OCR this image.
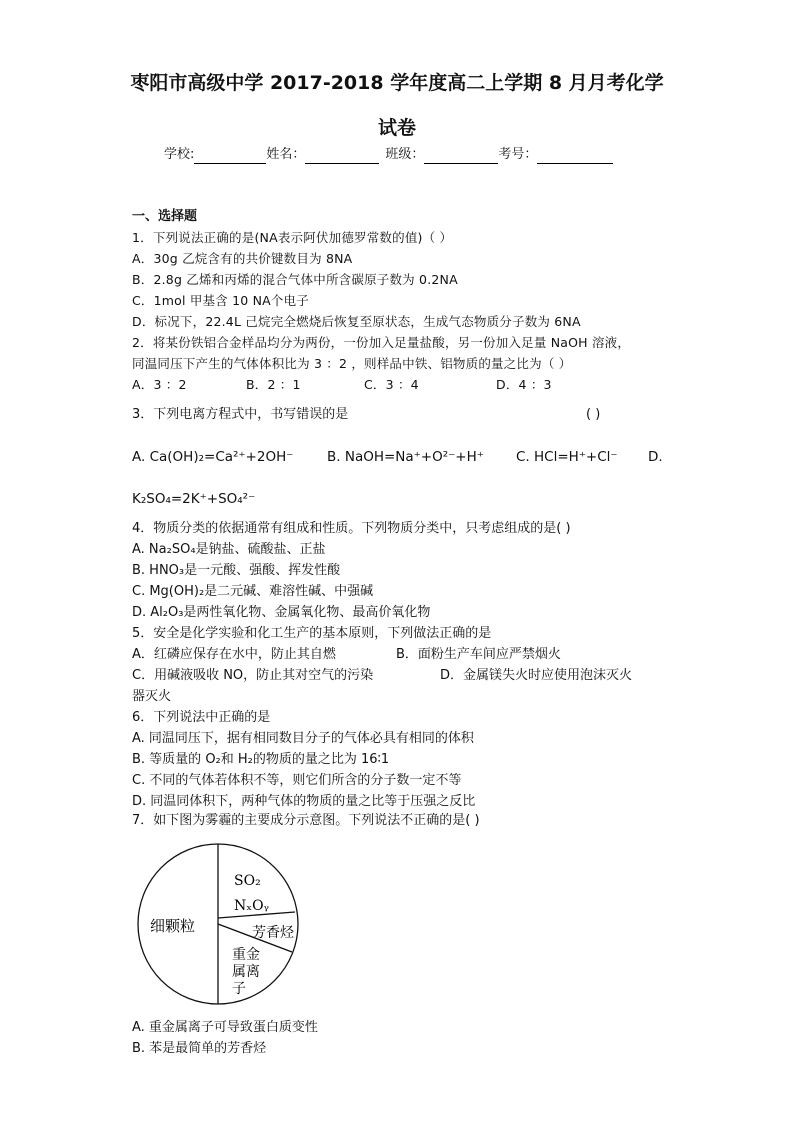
枣阳市高级中学 2017-2018 学年度高二上学期 8 月月考化学
试卷
学校:	姓名：	班级：	考号：
一、选择题
1．下列说法正确的是(NA表示阿伏加德罗常数的值)（ ）
A．30g 乙烷含有的共价键数目为 8NA
B．2.8g 乙烯和丙烯的混合气体中所含碳原子数为 0.2NA
C．1mol 甲基含 10 NA个电子
D．标况下，22.4L 己烷完全燃烧后恢复至原状态，生成气态物质分子数为 6NA
2．将某份铁铝合金样品均分为两份，一份加入足量盐酸，另一份加入足量 NaOH 溶液，
同温同压下产生的气体体积比为 3 ：2 ，则样品中铁、铝物质的量之比为（ ）
A．3 ：2	B．2 ：1	C．3 ：4	D．4 ：3
3．下列电离方程式中，书写错误的是	( )
A. Ca(OH)₂=Ca²⁺+2OH⁻ B. NaOH=Na⁺+O²⁻+H⁺ C. HCl=H⁺+Cl⁻ D.
K₂SO₄=2K⁺+SO₄²⁻
4．物质分类的依据通常有组成和性质。下列物质分类中，只考虑组成的是( )
A. Na₂SO₄是钠盐、硫酸盐、正盐
B. HNO₃是一元酸、强酸、挥发性酸
C. Mg(OH)₂是二元碱、难溶性碱、中强碱
D. Al₂O₃是两性氧化物、金属氧化物、最高价氧化物
5．安全是化学实验和化工生产的基本原则，下列做法正确的是
A．红磷应保存在水中，防止其自燃	B．面粉生产车间应严禁烟火
C．用碱液吸收 NO，防止其对空气的污染	D．金属镁失火时应使用泡沫灭火
器灭火
6．下列说法中正确的是
A. 同温同压下，据有相同数目分子的气体必具有相同的体积
B. 等质量的 O₂和 H₂的物质的量之比为 16∶1
C. 不同的气体若体积不等，则它们所含的分子数一定不等
D. 同温同体积下，两种气体的物质的量之比等于压强之反比
7．如下图为雾霾的主要成分示意图。下列说法不正确的是( )
SO₂
NₓOᵧ
细颗粒	芳香烃
重金
属离
子
A. 重金属离子可导致蛋白质变性
B. 苯是最简单的芳香烃
